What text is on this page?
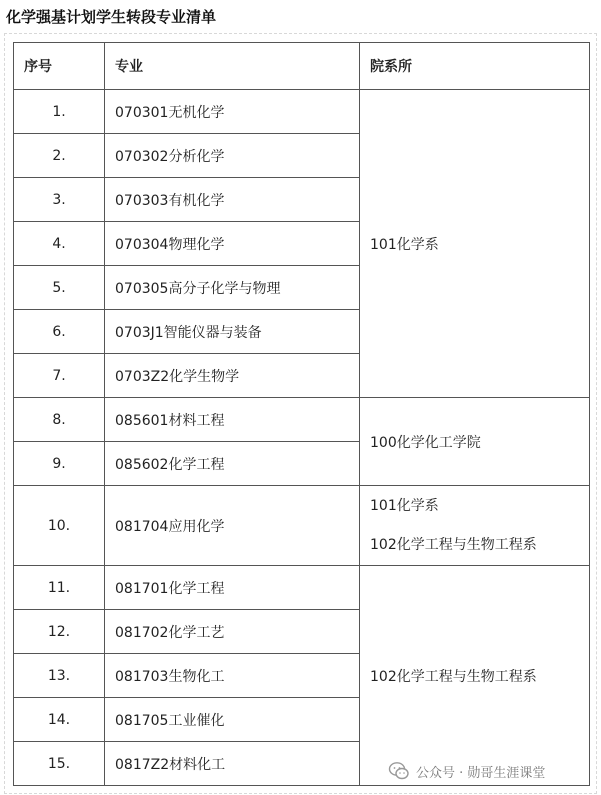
化学强基计划学生转段专业清单
序号	专业	院系所
1.	070301无机化学	101化学系
2.	070302分析化学	
3.	070303有机化学	
4.	070304物理化学	
5.	070305高分子化学与物理	
6.	0703J1智能仪器与装备	
7.	0703Z2化学生物学	
8.	085601材料工程	100化学化工学院
9.	085602化学工程	
10.	081704应用化学	101化学系
102化学工程与生物工程系

11.	081701化学工程	102化学工程与生物工程系
12.	081702化学工艺	
13.	081703生物化工	
14.	081705工业催化	
15.	0817Z2材料化工	
公众号 · 勋哥生涯课堂
